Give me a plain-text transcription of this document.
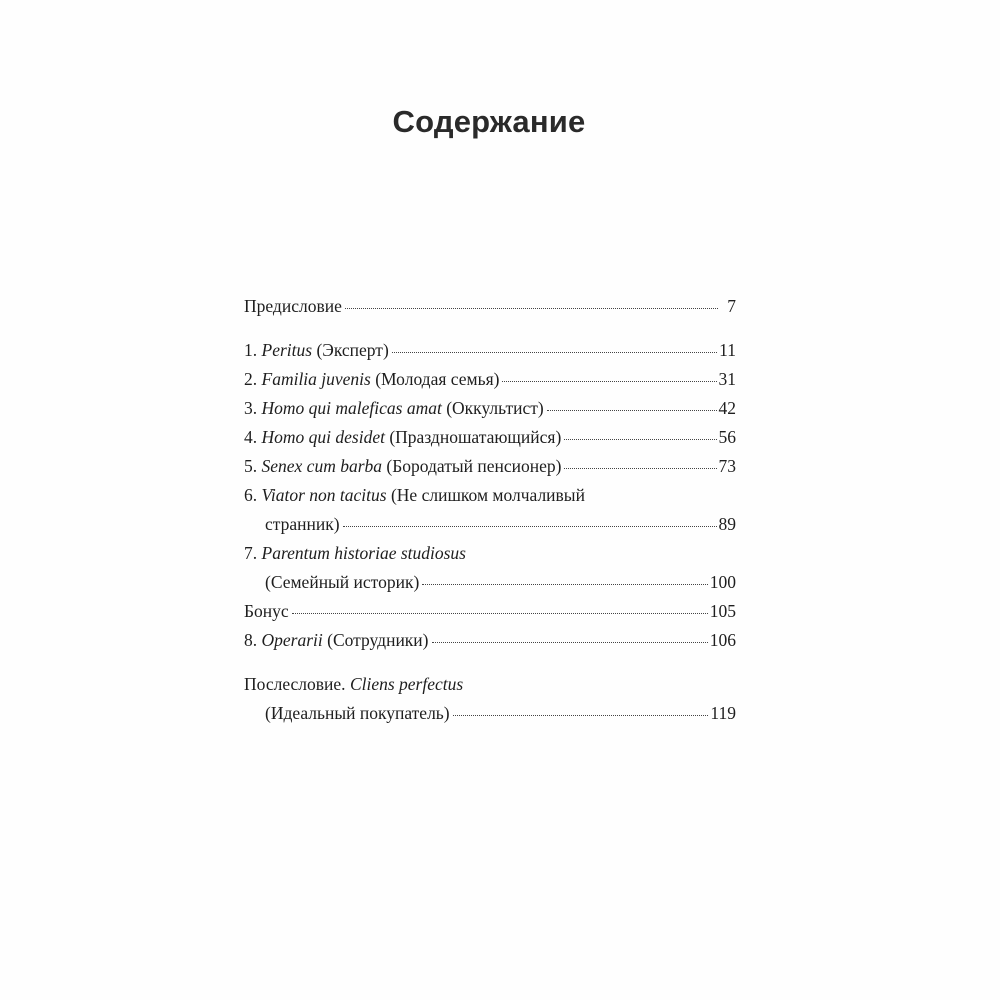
Содержание
Предисловие	7
1. Peritus (Эксперт)	11
2. Familia juvenis (Молодая семья)	31
3. Homo qui maleficas amat (Оккультист)	42
4. Homo qui desidet (Праздношатающийся)	56
5. Senex cum barba (Бородатый пенсионер)	73
6. Viator non tacitus (Не слишком молчаливый
странник)	89
7. Parentum historiae studiosus
(Семейный историк)	100
Бонус	105
8. Operarii (Сотрудники)	106
Послесловие. Cliens perfectus
(Идеальный покупатель)	119
